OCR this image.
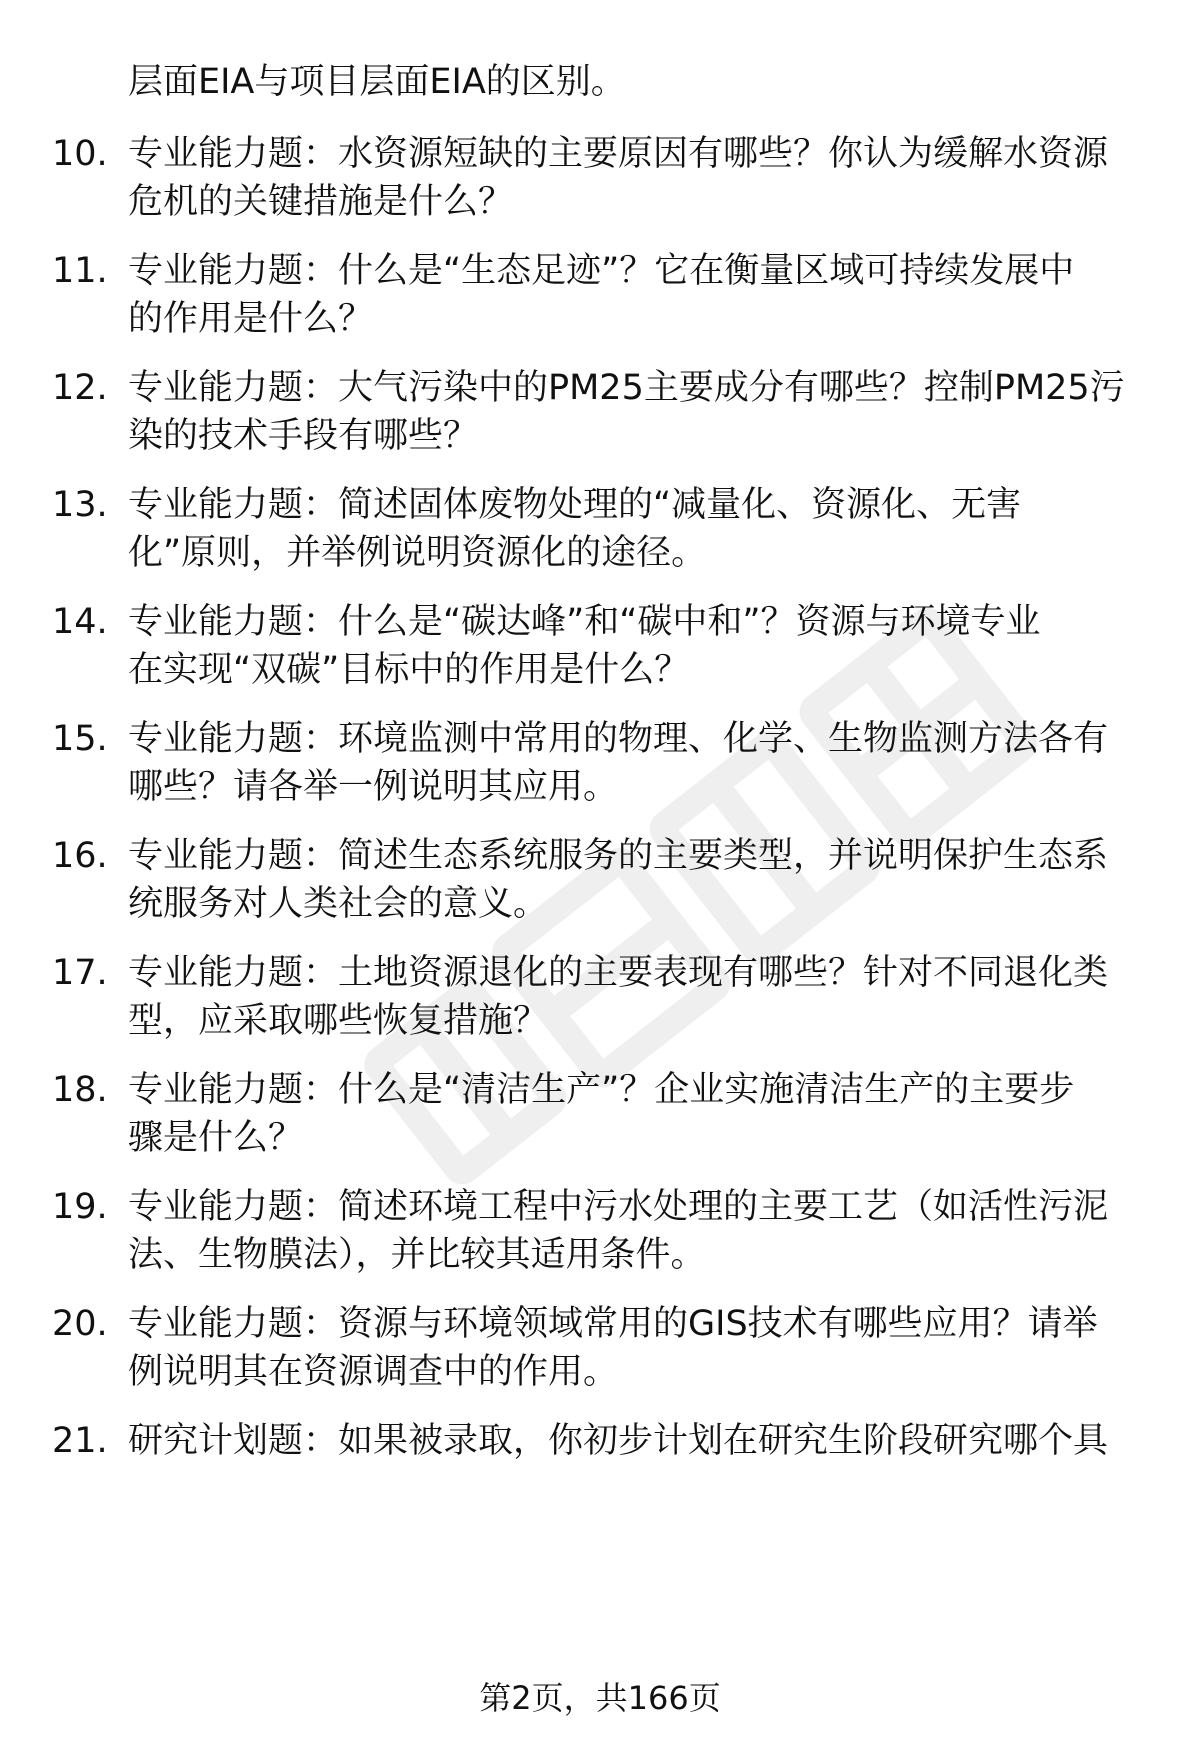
层面EIA与项目层面EIA的区别。
10. 专业能力题：水资源短缺的主要原因有哪些？你认为缓解水资源
危机的关键措施是什么？
11. 专业能力题：什么是“生态足迹”？它在衡量区域可持续发展中
的作用是什么？
12. 专业能力题：大气污染中的PM25主要成分有哪些？控制PM25污
染的技术手段有哪些？
13. 专业能力题：简述固体废物处理的“减量化、资源化、无害
化”原则，并举例说明资源化的途径。
14. 专业能力题：什么是“碳达峰”和“碳中和”？资源与环境专业
在实现“双碳”目标中的作用是什么？
15. 专业能力题：环境监测中常用的物理、化学、生物监测方法各有
哪些？请各举一例说明其应用。
16. 专业能力题：简述生态系统服务的主要类型，并说明保护生态系
统服务对人类社会的意义。
17. 专业能力题：土地资源退化的主要表现有哪些？针对不同退化类
型，应采取哪些恢复措施？
18. 专业能力题：什么是“清洁生产”？企业实施清洁生产的主要步
骤是什么？
19. 专业能力题：简述环境工程中污水处理的主要工艺（如活性污泥
法、生物膜法），并比较其适用条件。
20. 专业能力题：资源与环境领域常用的GIS技术有哪些应用？请举
例说明其在资源调查中的作用。
21. 研究计划题：如果被录取，你初步计划在研究生阶段研究哪个具
第2页，共166页
